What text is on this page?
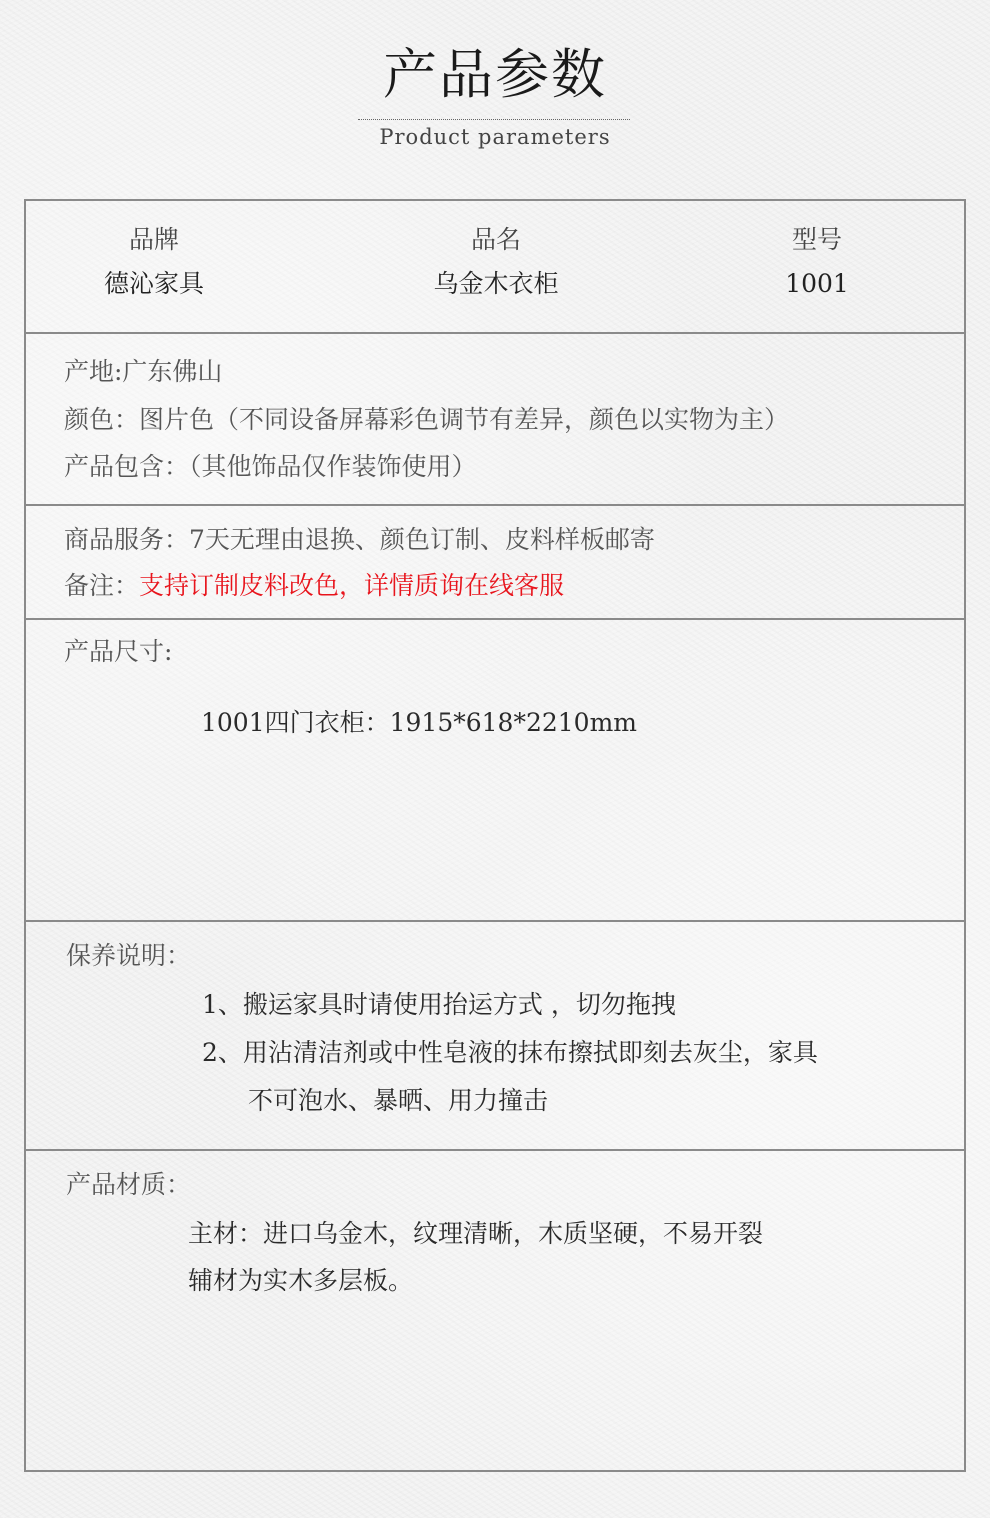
产品参数
Product parameters
品牌
德沁家具
品名
乌金木衣柜
型号
1001
产地:广东佛山
颜色：图片色（不同设备屏幕彩色调节有差异，颜色以实物为主）
产品包含：（其他饰品仅作装饰使用）
商品服务：7天无理由退换、颜色订制、皮料样板邮寄
备注：支持订制皮料改色，详情质询在线客服
产品尺寸:
1001四门衣柜：1915*618*2210mm
保养说明：
1、搬运家具时请使用抬运方式 ，切勿拖拽
2、用沾清洁剂或中性皂液的抹布擦拭即刻去灰尘，家具
不可泡水、暴晒、用力撞击
产品材质：
主材：进口乌金木，纹理清晰，木质坚硬，不易开裂
辅材为实木多层板。
